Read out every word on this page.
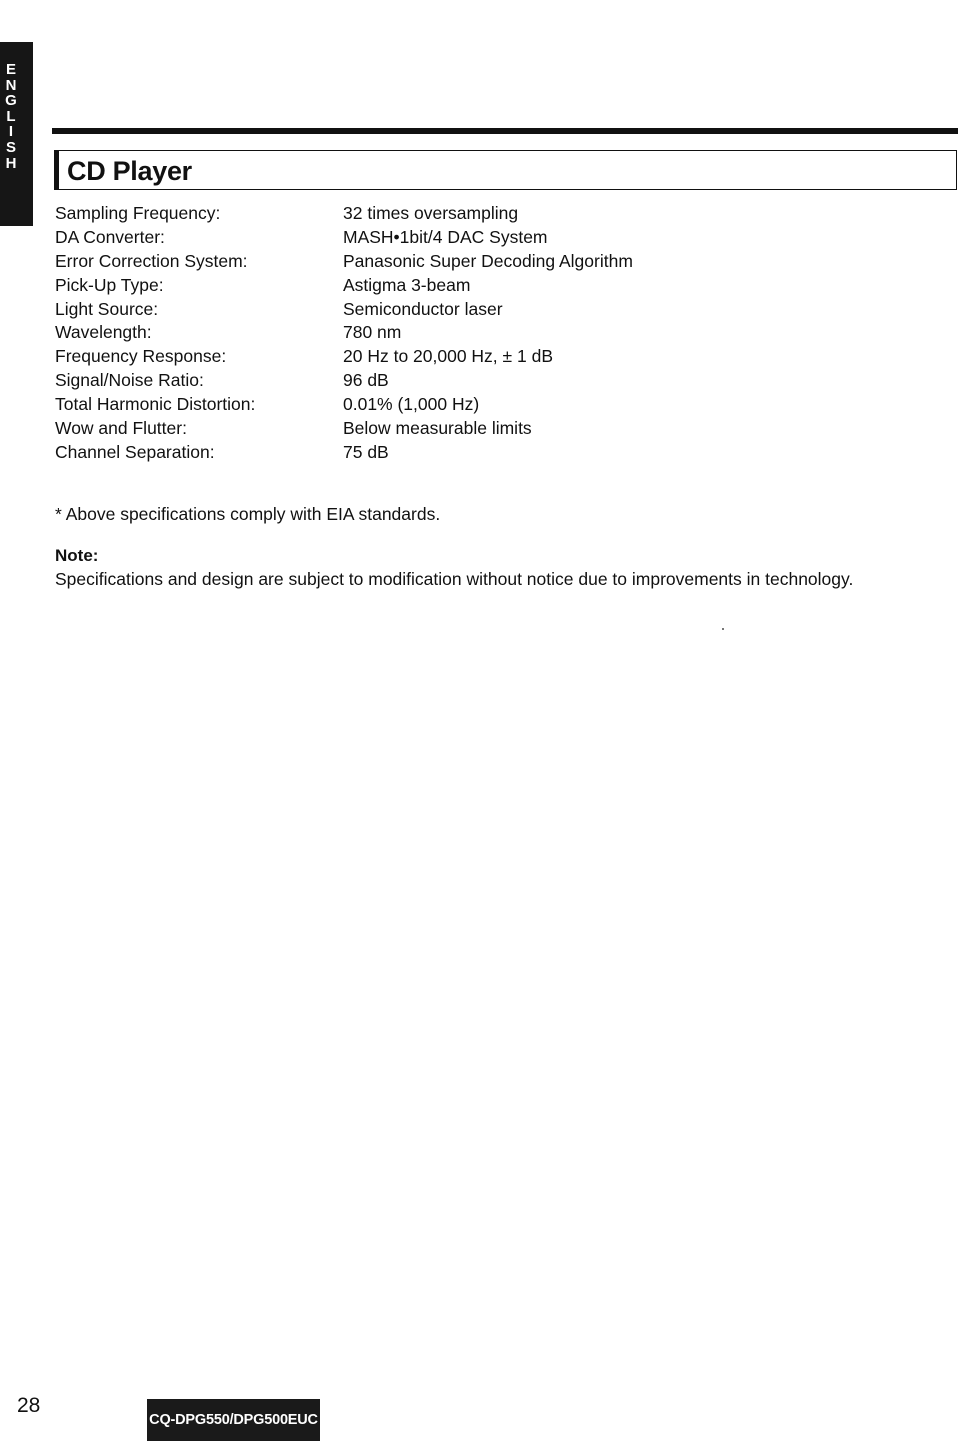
E
N
G
L
I
S
H
22
CD Player
Sampling Frequency:	32 times oversampling
DA Converter:	MASH•1bit/4 DAC System
Error Correction System:	Panasonic Super Decoding Algorithm
Pick-Up Type:	Astigma 3-beam
Light Source:	Semiconductor laser
Wavelength:	780 nm
Frequency Response:	20 Hz to 20,000 Hz, ± 1 dB
Signal/Noise Ratio:	96 dB
Total Harmonic Distortion:	0.01% (1,000 Hz)
Wow and Flutter:	Below measurable limits
Channel Separation:	75 dB
* Above specifications comply with EIA standards.
Note:
Specifications and design are subject to modification without notice due to improvements in technology.
28
CQ-DPG550/DPG500EUC
